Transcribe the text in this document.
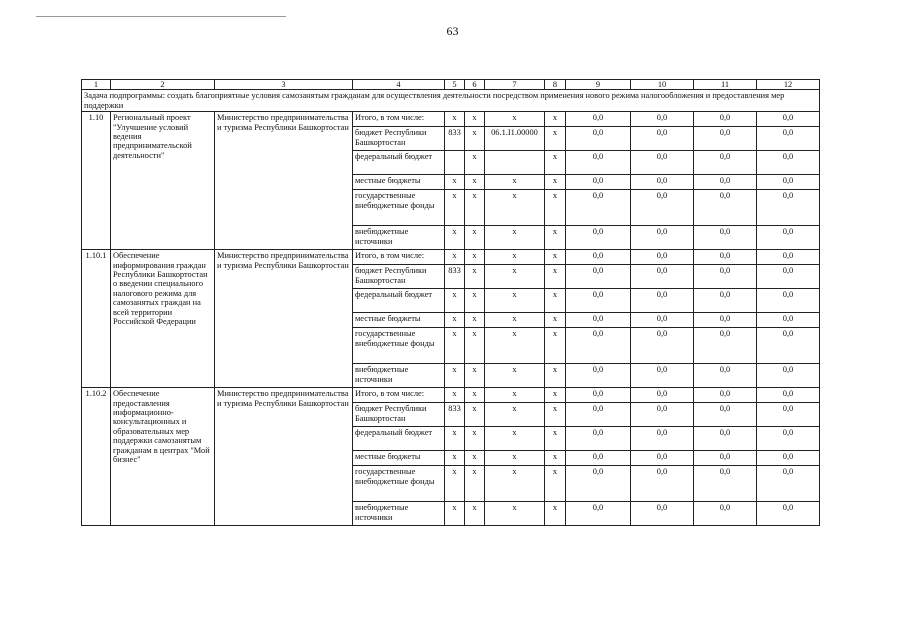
63
1	2	3	4	5	6	7	8	9	10	11	12
Задача подпрограммы: создать благоприятные условия самозанятым гражданам для осуществления деятельности посредством применения нового режима налогообложения и предоставления мер поддержки											
1.10	Региональный проект "Улучшение условий ведения предпринимательской деятельности"	Министерство предпринимательства и туризма Республики Башкортостан	Итого, в том числе:	x	x	x	x	0,0	0,0	0,0	0,0
			бюджет Республики Башкортостан	833	x	06.1.I1.00000	x	0,0	0,0	0,0	0,0
			федеральный бюджет		x		x	0,0	0,0	0,0	0,0
			местные бюджеты	x	x	x	x	0,0	0,0	0,0	0,0
			государственные внебюджетные фонды	x	x	x	x	0,0	0,0	0,0	0,0
			внебюджетные источники	x	x	x	x	0,0	0,0	0,0	0,0
1.10.1	Обеспечение информирования граждан Республики Башкортостан о введении специального налогового режима для самозанятых граждан на всей территории Российской Федерации	Министерство предпринимательства и туризма Республики Башкортостан	Итого, в том числе:	x	x	x	x	0,0	0,0	0,0	0,0
			бюджет Республики Башкортостан	833	x	x	x	0,0	0,0	0,0	0,0
			федеральный бюджет	x	x	x	x	0,0	0,0	0,0	0,0
			местные бюджеты	x	x	x	x	0,0	0,0	0,0	0,0
			государственные внебюджетные фонды	x	x	x	x	0,0	0,0	0,0	0,0
			внебюджетные источники	x	x	x	x	0,0	0,0	0,0	0,0
1.10.2	Обеспечение предоставления информационно-консультационных и образовательных мер поддержки самозанятым гражданам в центрах "Мой бизнес"	Министерство предпринимательства и туризма Республики Башкортостан	Итого, в том числе:	x	x	x	x	0,0	0,0	0,0	0,0
			бюджет Республики Башкортостан	833	x	x	x	0,0	0,0	0,0	0,0
			федеральный бюджет	x	x	x	x	0,0	0,0	0,0	0,0
			местные бюджеты	x	x	x	x	0,0	0,0	0,0	0,0
			государственные внебюджетные фонды	x	x	x	x	0,0	0,0	0,0	0,0
			внебюджетные источники	x	x	x	x	0,0	0,0	0,0	0,0
